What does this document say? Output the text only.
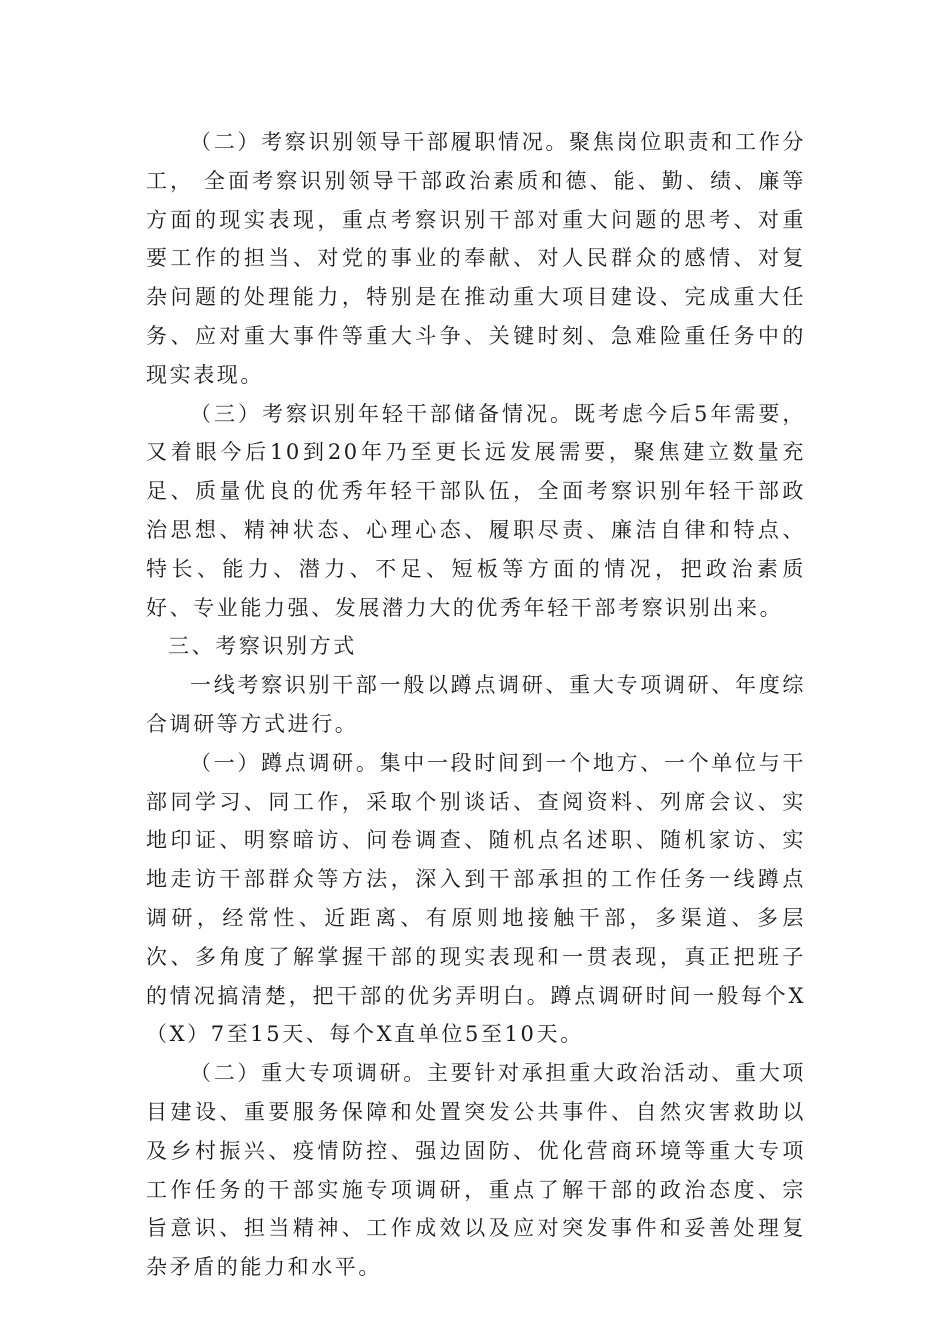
（二）考察识别领导干部履职情况。聚焦岗位职责和工作分工， 全面考察识别领导干部政治素质和德、能、勤、绩、廉等方面的现实表现，重点考察识别干部对重大问题的思考、对重要工作的担当、对党的事业的奉献、对人民群众的感情、对复杂问题的处理能力，特别是在推动重大项目建设、完成重大任务、应对重大事件等重大斗争、关键时刻、急难险重任务中的现实表现。

（三）考察识别年轻干部储备情况。既考虑今后5年需要，又着眼今后10到20年乃至更长远发展需要，聚焦建立数量充足、质量优良的优秀年轻干部队伍，全面考察识别年轻干部政治思想、精神状态、心理心态、履职尽责、廉洁自律和特点、特长、能力、潜力、不足、短板等方面的情况，把政治素质好、专业能力强、发展潜力大的优秀年轻干部考察识别出来。

三、考察识别方式

一线考察识别干部一般以蹲点调研、重大专项调研、年度综合调研等方式进行。

（一）蹲点调研。集中一段时间到一个地方、一个单位与干部同学习、同工作，采取个别谈话、查阅资料、列席会议、实地印证、明察暗访、问卷调查、随机点名述职、随机家访、实地走访干部群众等方法，深入到干部承担的工作任务一线蹲点调研，经常性、近距离、有原则地接触干部，多渠道、多层次、多角度了解掌握干部的现实表现和一贯表现，真正把班子的情况搞清楚，把干部的优劣弄明白。蹲点调研时间一般每个X （X）7至15天、每个X直单位5至10天。

（二）重大专项调研。主要针对承担重大政治活动、重大项目建设、重要服务保障和处置突发公共事件、自然灾害救助以及乡村振兴、疫情防控、强边固防、优化营商环境等重大专项工作任务的干部实施专项调研，重点了解干部的政治态度、宗旨意识、担当精神、工作成效以及应对突发事件和妥善处理复杂矛盾的能力和水平。
